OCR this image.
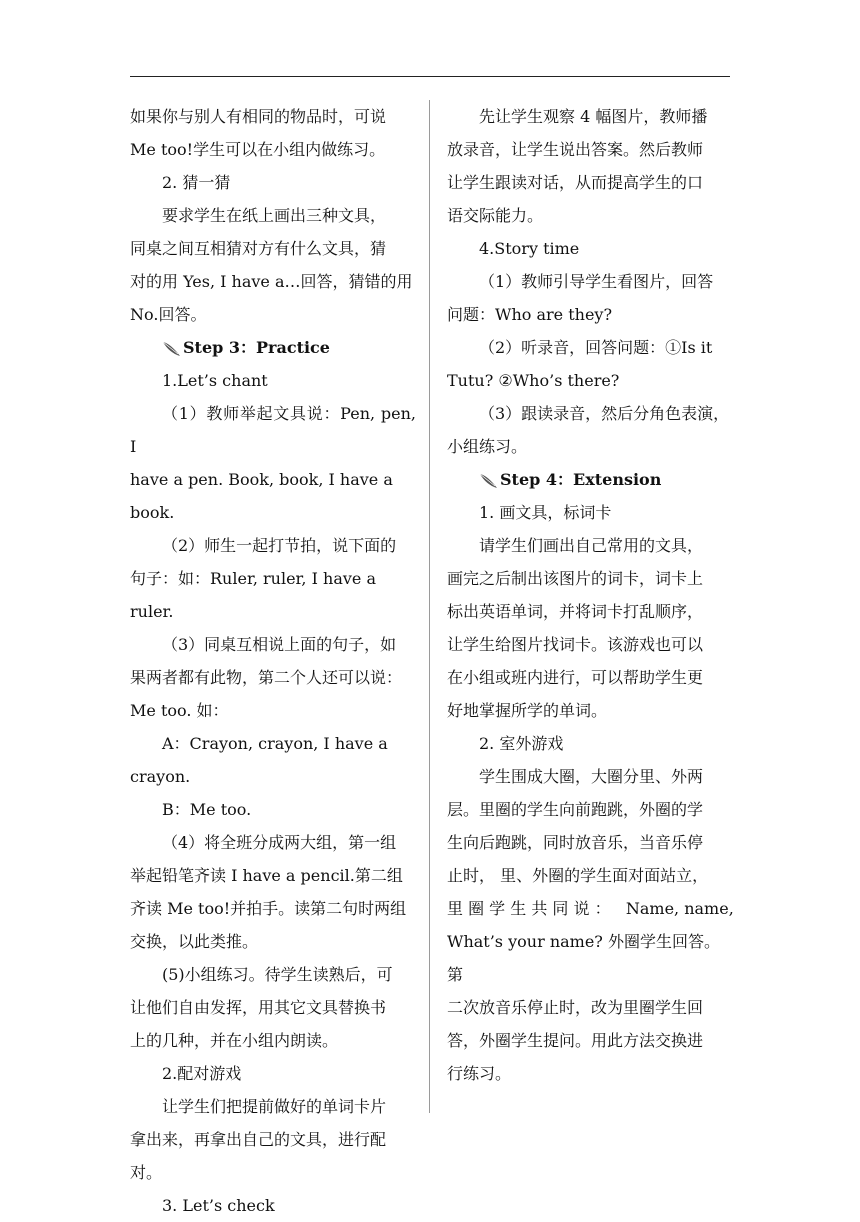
如果你与别人有相同的物品时，可说

Me too!学生可以在小组内做练习。

2. 猜一猜

要求学生在纸上画出三种文具，

同桌之间互相猜对方有什么文具，猜

对的用 Yes, I have a…回答，猜错的用

No.回答。

Step 3：Practice

1.Let’s chant

（1）教师举起文具说：Pen, pen, I

have a pen. Book, book, I have a book.

（2）师生一起打节拍，说下面的

句子：如：Ruler, ruler, I have a ruler.

（3）同桌互相说上面的句子，如

果两者都有此物，第二个人还可以说：

Me too. 如：

A：Crayon, crayon, I have a crayon.

B：Me too.

（4）将全班分成两大组，第一组

举起铅笔齐读 I have a pencil.第二组

齐读 Me too!并拍手。读第二句时两组

交换，以此类推。

(5)小组练习。待学生读熟后，可

让他们自由发挥，用其它文具替换书

上的几种，并在小组内朗读。

2.配对游戏

让学生们把提前做好的单词卡片

拿出来，再拿出自己的文具，进行配

对。

3. Let’s check

先让学生观察 4 幅图片，教师播

放录音，让学生说出答案。然后教师

让学生跟读对话，从而提高学生的口

语交际能力。

4.Story time

（1）教师引导学生看图片，回答

问题：Who are they?

（2）听录音，回答问题：①Is it

Tutu? ②Who’s there?

（3）跟读录音，然后分角色表演，

小组练习。

Step 4：Extension

1. 画文具，标词卡

请学生们画出自己常用的文具，

画完之后制出该图片的词卡，词卡上

标出英语单词，并将词卡打乱顺序，

让学生给图片找词卡。该游戏也可以

在小组或班内进行，可以帮助学生更

好地掌握所学的单词。

2. 室外游戏

学生围成大圈，大圈分里、外两

层。里圈的学生向前跑跳，外圈的学

生向后跑跳，同时放音乐，当音乐停

止时， 里、外圈的学生面对面站立，

里 圈 学 生 共 同 说 ：   Name, name,

What’s your name? 外圈学生回答。第

二次放音乐停止时，改为里圈学生回

答，外圈学生提问。用此方法交换进

行练习。
